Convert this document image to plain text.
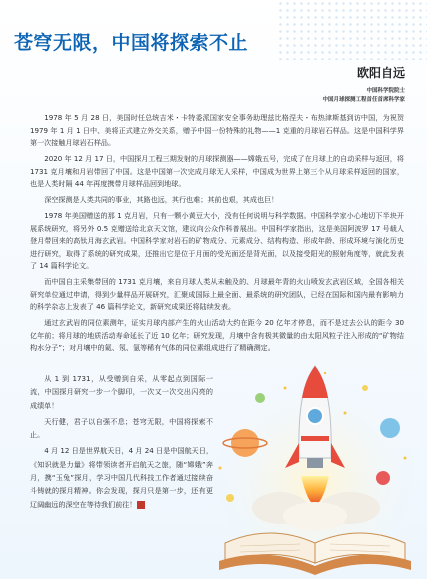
苍穹无限，中国将探索不止
欧阳自远
中国科学院院士
中国月球探测工程首任首席科学家

1978 年 5 月 28 日，美国时任总统吉米・卡特委派国家安全事务助理兹比格涅夫・布热津斯基到访中国，为祝贺 1979 年 1 月 1 日中、美将正式建立外交关系，赠予中国一份特殊的礼物——1 克重的月球岩石样品。这是中国科学界第一次接触月球岩石样品。

2020 年 12 月 17 日，中国探月工程三期发射的月球探测器——嫦娥五号，完成了在月球上的自动采样与返回，将 1731 克月壤和月岩带回了中国。这是中国第一次完成月球无人采样，中国成为世界上第三个从月球采样返回的国家，也是人类时隔 44 年再度携带月球样品回到地球。

深空探测是人类共同的事业，其路也远，其行也难；其前也艰，其成也巨！

1978 年美国赠送的那 1 克月岩，只有一颗小黄豆大小，没有任何说明与科学数据。中国科学家小心地切下半块开展系统研究，将另外 0.5 克赠送给北京天文馆，建议向公众作科普展出。中国科学家指出，这是美国阿波罗 17 号载人登月带回来的高钛月海玄武岩。中国科学家对岩石的矿物成分、元素成分、结构构造、形成年龄、形成环境与演化历史进行研究，取得了系统的研究成果，还推出它是位于月面的受光面还是背光面，以及接受阳光的照射角度等，就此发表了 14 篇科学论文。

而中国自主采集带回的 1731 克月壤，来自月球人类从未触及的、月球最年青的火山喷发玄武岩区域，全国各相关研究单位通过申请，得到少量样品开展研究，汇聚成国际上最全面、最系统的研究团队，已经在国际和国内最有影响力的科学杂志上发表了 46 篇科学论文，新研究成果还将陆续发表。

通过玄武岩的同位素测年，证实月球内部产生的火山活动大约在距今 20 亿年才停息，而不是过去公认的距今 30 亿年前；将月球的地质活动寿命延长了近 10 亿年；研究发现，月壤中含有极其微量的由太阳风粒子注入形成的“矿物结构水分子”；对月壤中的氦、氖、氩等稀有气体的同位素组成进行了精确测定。

从 1 到 1731，从受赠到自采，从零起点到国际一流，中国探月研究一步一个脚印，一次又一次交出闪亮的成绩单！

天行健，君子以自强不息；苍穹无限，中国将探索不止。

4 月 12 日是世界航天日，4 月 24 日是中国航天日，《知识就是力量》将带领读者开启航天之旅，随“嫦娥”奔月，携“玉兔”探月，学习中国几代科技工作者通过接续奋斗铸就的探月精神。你会发现，探月只是第一步，还有更辽阔幽远的深空在等待我们前往！
